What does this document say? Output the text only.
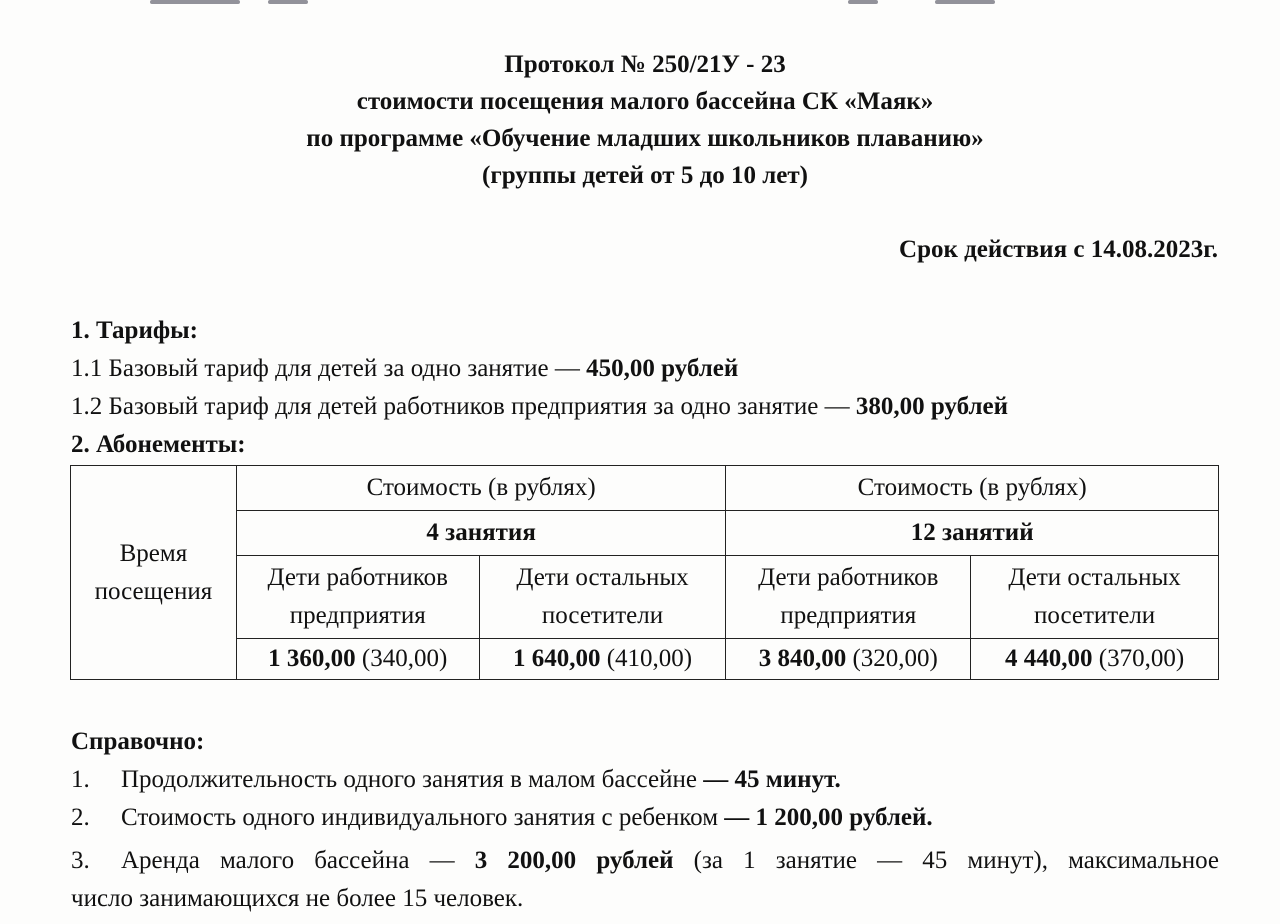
Протокол № 250/21У - 23
стоимости посещения малого бассейна СК «Маяк»
по программе «Обучение младших школьников плаванию»
(группы детей от 5 до 10 лет)
Срок действия с 14.08.2023г.
1. Тарифы:
1.1 Базовый тариф для детей за одно занятие — 450,00 рублей
1.2 Базовый тариф для детей работников предприятия за одно занятие — 380,00 рублей
2. Абонементы:
Время посещения	Стоимость (в рублях)		Стоимость (в рублях)	
	4 занятия		12 занятий	
	Дети работников предприятия	Дети остальных посетители	Дети работников предприятия	Дети остальных посетители
	1 360,00 (340,00)	1 640,00 (410,00)	3 840,00 (320,00)	4 440,00 (370,00)
Справочно:
1. Продолжительность одного занятия в малом бассейне — 45 минут.
2. Стоимость одного индивидуального занятия с ребенком — 1 200,00 рублей.
3. Аренда малого бассейна — 3 200,00 рублей (за 1 занятие — 45 минут), максимальное
число занимающихся не более 15 человек.
